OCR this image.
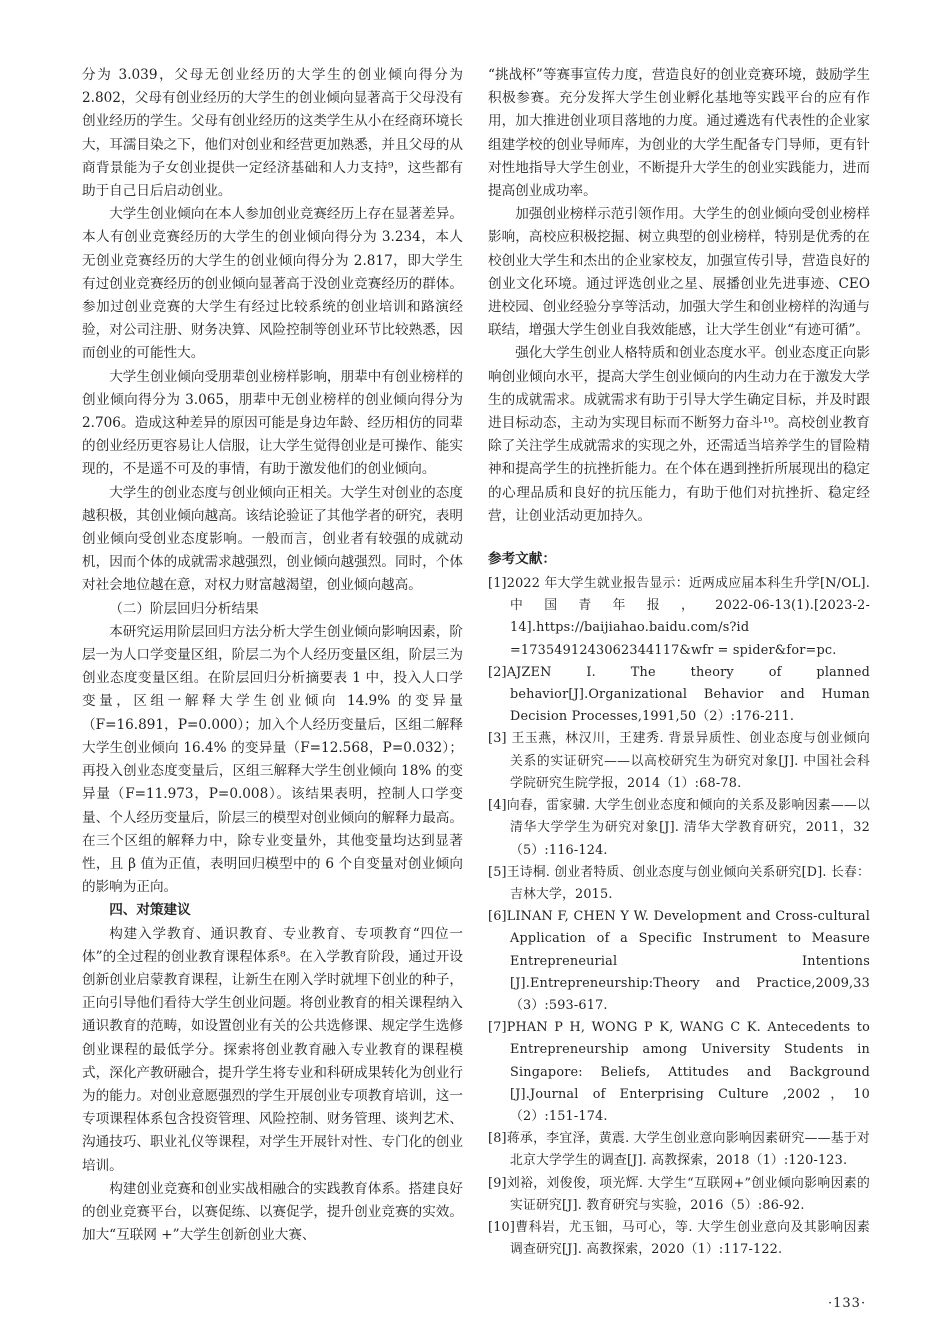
分为 3.039，父母无创业经历的大学生的创业倾向得分为 2.802，父母有创业经历的大学生的创业倾向显著高于父母没有创业经历的学生。父母有创业经历的这类学生从小在经商环境长大，耳濡目染之下，他们对创业和经营更加熟悉，并且父母的从商背景能为子女创业提供一定经济基础和人力支持⁹，这些都有助于自己日后启动创业。

大学生创业倾向在本人参加创业竞赛经历上存在显著差异。本人有创业竞赛经历的大学生的创业倾向得分为 3.234，本人无创业竞赛经历的大学生的创业倾向得分为 2.817，即大学生有过创业竞赛经历的创业倾向显著高于没创业竞赛经历的群体。参加过创业竞赛的大学生有经过比较系统的创业培训和路演经验，对公司注册、财务决算、风险控制等创业环节比较熟悉，因而创业的可能性大。

大学生创业倾向受朋辈创业榜样影响，朋辈中有创业榜样的创业倾向得分为 3.065，朋辈中无创业榜样的创业倾向得分为 2.706。造成这种差异的原因可能是身边年龄、经历相仿的同辈的创业经历更容易让人信服，让大学生觉得创业是可操作、能实现的，不是遥不可及的事情，有助于激发他们的创业倾向。

大学生的创业态度与创业倾向正相关。大学生对创业的态度越积极，其创业倾向越高。该结论验证了其他学者的研究，表明创业倾向受创业态度影响。一般而言，创业者有较强的成就动机，因而个体的成就需求越强烈，创业倾向越强烈。同时，个体对社会地位越在意，对权力财富越渴望，创业倾向越高。

（二）阶层回归分析结果

本研究运用阶层回归方法分析大学生创业倾向影响因素，阶层一为人口学变量区组，阶层二为个人经历变量区组，阶层三为创业态度变量区组。在阶层回归分析摘要表 1 中，投入人口学变量，区组一解释大学生创业倾向 14.9% 的变异量（F=16.891，P=0.000）；加入个人经历变量后，区组二解释大学生创业倾向 16.4% 的变异量（F=12.568，P=0.032）；再投入创业态度变量后，区组三解释大学生创业倾向 18% 的变异量（F=11.973，P=0.008）。该结果表明，控制人口学变量、个人经历变量后，阶层三的模型对创业倾向的解释力最高。在三个区组的解释力中，除专业变量外，其他变量均达到显著性，且 β 值为正值，表明回归模型中的 6 个自变量对创业倾向的影响为正向。

四、对策建议

构建入学教育、通识教育、专业教育、专项教育“四位一体”的全过程的创业教育课程体系⁸。在入学教育阶段，通过开设创新创业启蒙教育课程，让新生在刚入学时就埋下创业的种子，正向引导他们看待大学生创业问题。将创业教育的相关课程纳入通识教育的范畴，如设置创业有关的公共选修课、规定学生选修创业课程的最低学分。探索将创业教育融入专业教育的课程模式，深化产教研融合，提升学生将专业和科研成果转化为创业行为的能力。对创业意愿强烈的学生开展创业专项教育培训，这一专项课程体系包含投资管理、风险控制、财务管理、谈判艺术、沟通技巧、职业礼仪等课程，对学生开展针对性、专门化的创业培训。

构建创业竞赛和创业实战相融合的实践教育体系。搭建良好的创业竞赛平台，以赛促练、以赛促学，提升创业竞赛的实效。加大“互联网 +”大学生创新创业大赛、

“挑战杯”等赛事宣传力度，营造良好的创业竞赛环境，鼓励学生积极参赛。充分发挥大学生创业孵化基地等实践平台的应有作用，加大推进创业项目落地的力度。通过遴选有代表性的企业家组建学校的创业导师库，为创业的大学生配备专门导师，更有针对性地指导大学生创业，不断提升大学生的创业实践能力，进而提高创业成功率。

加强创业榜样示范引领作用。大学生的创业倾向受创业榜样影响，高校应积极挖掘、树立典型的创业榜样，特别是优秀的在校创业大学生和杰出的企业家校友，加强宣传引导，营造良好的创业文化环境。通过评选创业之星、展播创业先进事迹、CEO 进校园、创业经验分享等活动，加强大学生和创业榜样的沟通与联结，增强大学生创业自我效能感，让大学生创业“有迹可循”。

强化大学生创业人格特质和创业态度水平。创业态度正向影响创业倾向水平，提高大学生创业倾向的内生动力在于激发大学生的成就需求。成就需求有助于引导大学生确定目标，并及时跟进目标动态，主动为实现目标而不断努力奋斗¹⁰。高校创业教育除了关注学生成就需求的实现之外，还需适当培养学生的冒险精神和提高学生的抗挫折能力。在个体在遇到挫折所展现出的稳定的心理品质和良好的抗压能力，有助于他们对抗挫折、稳定经营，让创业活动更加持久。

参考文献：

[1]2022 年大学生就业报告显示：近两成应届本科生升学[N/OL]. 中国青年报，2022-06-13(1).[2023-2-14].https://baijiahao.baidu.com/s?id =1735491243062344117&wfr = spider&for=pc.

[2]AJZEN I. The theory of planned behavior[J].Organizational Behavior and Human Decision Processes,1991,50（2）:176-211.

[3] 王玉燕，林汉川，王建秀. 背景异质性、创业态度与创业倾向关系的实证研究——以高校研究生为研究对象[J]. 中国社会科学院研究生院学报，2014（1）:68-78.

[4]向春，雷家骕. 大学生创业态度和倾向的关系及影响因素——以清华大学学生为研究对象[J]. 清华大学教育研究，2011，32（5）:116-124.

[5]王诗桐. 创业者特质、创业态度与创业倾向关系研究[D]. 长春：吉林大学，2015.

[6]LINAN F, CHEN Y W. Development and Cross-cultural Application of a Specific Instrument to Measure Entrepreneurial Intentions [J].Entrepreneurship:Theory and Practice,2009,33（3）:593-617.

[7]PHAN P H, WONG P K, WANG C K. Antecedents to Entrepreneurship among University Students in Singapore: Beliefs, Attitudes and Background [J].Journal of Enterprising Culture ,2002，10（2）:151-174.

[8]蒋承，李宜泽，黄震. 大学生创业意向影响因素研究——基于对北京大学学生的调查[J]. 高教探索，2018（1）:120-123.

[9]刘裕，刘俊俊，项光辉. 大学生“互联网+”创业倾向影响因素的实证研究[J]. 教育研究与实验，2016（5）:86-92.

[10]曹科岩，尤玉钿，马可心，等. 大学生创业意向及其影响因素调查研究[J]. 高教探索，2020（1）:117-122.

·133·
